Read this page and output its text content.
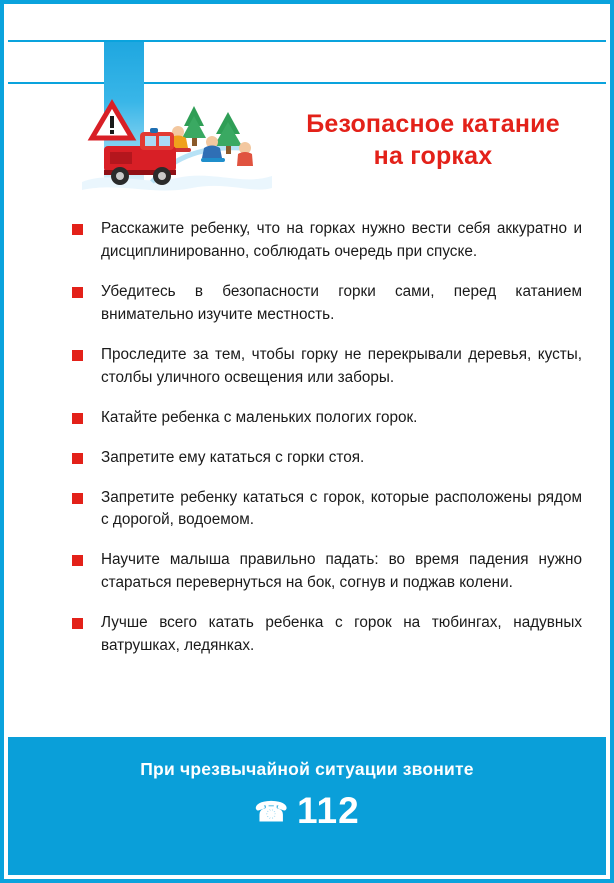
Безопасное катание
на горках

Расскажите ребенку, что на горках нужно вести себя аккуратно и дисциплинированно, соблюдать очередь при спуске.

Убедитесь в безопасности горки сами, перед катанием внимательно изучите местность.

Проследите за тем, чтобы горку не перекрывали деревья, кусты, столбы уличного освещения или заборы.

Катайте ребенка с маленьких пологих горок.

Запретите ему кататься с горки стоя.

Запретите ребенку кататься с горок, которые расположены рядом с дорогой, водоемом.

Научите малыша правильно падать: во время падения нужно стараться перевернуться на бок, согнув и поджав колени.

Лучше всего катать ребенка с горок на тюбингах, надувных ватрушках, ледянках.

При чрезвычайной ситуации звоните
☎ 112
